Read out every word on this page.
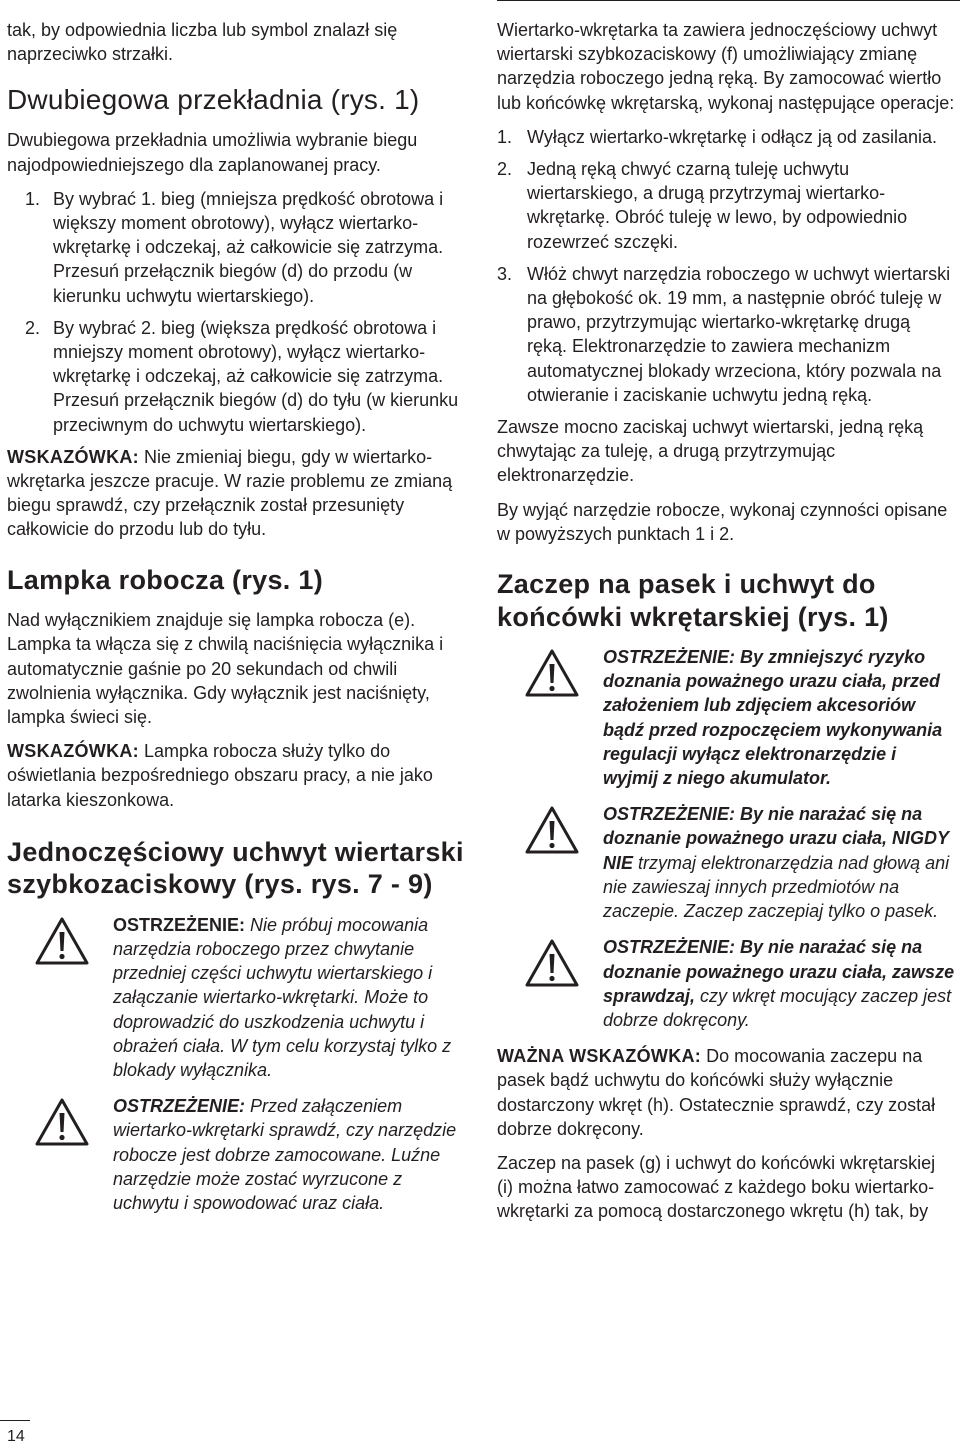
tak, by odpowiednia liczba lub symbol znalazł się naprzeciwko strzałki.

Dwubiegowa przekładnia (rys. 1)

Dwubiegowa przekładnia umożliwia wybranie biegu najodpowiedniejszego dla zaplanowanej pracy.

1. By wybrać 1. bieg (mniejsza prędkość obrotowa i większy moment obrotowy), wyłącz wiertarko-wkrętarkę i odczekaj, aż całkowicie się zatrzyma. Przesuń przełącznik biegów (d) do przodu (w kierunku uchwytu wiertarskiego).
2. By wybrać 2. bieg (większa prędkość obrotowa i mniejszy moment obrotowy), wyłącz wiertarko-wkrętarkę i odczekaj, aż całkowicie się zatrzyma. Przesuń przełącznik biegów (d) do tyłu (w kierunku przeciwnym do uchwytu wiertarskiego).

WSKAZÓWKA: Nie zmieniaj biegu, gdy w wiertarko-wkrętarka jeszcze pracuje. W razie problemu ze zmianą biegu sprawdź, czy przełącznik został przesunięty całkowicie do przodu lub do tyłu.

Lampka robocza (rys. 1)

Nad wyłącznikiem znajduje się lampka robocza (e). Lampka ta włącza się z chwilą naciśnięcia wyłącznika i automatycznie gaśnie po 20 sekundach od chwili zwolnienia wyłącznika. Gdy wyłącznik jest naciśnięty, lampka świeci się.

WSKAZÓWKA: Lampka robocza służy tylko do oświetlania bezpośredniego obszaru pracy, a nie jako latarka kieszonkowa.

Jednoczęściowy uchwyt wiertarski szybkozaciskowy (rys. rys. 7 - 9)
OSTRZEŻENIE: Nie próbuj mocowania narzędzia roboczego przez chwytanie przedniej części uchwytu wiertarskiego i załączanie wiertarko-wkrętarki. Może to doprowadzić do uszkodzenia uchwytu i obrażeń ciała. W tym celu korzystaj tylko z blokady wyłącznika.
OSTRZEŻENIE: Przed załączeniem wiertarko-wkrętarki sprawdź, czy narzędzie robocze jest dobrze zamocowane. Luźne narzędzie może zostać wyrzucone z uchwytu i spowodować uraz ciała.

Wiertarko-wkrętarka ta zawiera jednoczęściowy uchwyt wiertarski szybkozaciskowy (f) umożliwiający zmianę narzędzia roboczego jedną ręką. By zamocować wiertło lub końcówkę wkrętarską, wykonaj następujące operacje:

1. Wyłącz wiertarko-wkrętarkę i odłącz ją od zasilania.
2. Jedną ręką chwyć czarną tuleję uchwytu wiertarskiego, a drugą przytrzymaj wiertarko-wkrętarkę. Obróć tuleję w lewo, by odpowiednio rozewrzeć szczęki.
3. Włóż chwyt narzędzia roboczego w uchwyt wiertarski na głębokość ok. 19 mm, a następnie obróć tuleję w prawo, przytrzymując wiertarko-wkrętarkę drugą ręką. Elektronarzędzie to zawiera mechanizm automatycznej blokady wrzeciona, który pozwala na otwieranie i zaciskanie uchwytu jedną ręką.

Zawsze mocno zaciskaj uchwyt wiertarski, jedną ręką chwytając za tuleję, a drugą przytrzymując elektronarzędzie.

By wyjąć narzędzie robocze, wykonaj czynności opisane w powyższych punktach 1 i 2.

Zaczep na pasek i uchwyt do końcówki wkrętarskiej (rys. 1)
OSTRZEŻENIE: By zmniejszyć ryzyko doznania poważnego urazu ciała, przed założeniem lub zdjęciem akcesoriów bądź przed rozpoczęciem wykonywania regulacji wyłącz elektronarzędzie i wyjmij z niego akumulator.
OSTRZEŻENIE: By nie narażać się na doznanie poważnego urazu ciała, NIGDY NIE trzymaj elektronarzędzia nad głową ani nie zawieszaj innych przedmiotów na zaczepie. Zaczep zaczepiaj tylko o pasek.
OSTRZEŻENIE: By nie narażać się na doznanie poważnego urazu ciała, zawsze sprawdzaj, czy wkręt mocujący zaczep jest dobrze dokręcony.

WAŻNA WSKAZÓWKA: Do mocowania zaczepu na pasek bądź uchwytu do końcówki służy wyłącznie dostarczony wkręt (h). Ostatecznie sprawdź, czy został dobrze dokręcony.

Zaczep na pasek (g) i uchwyt do końcówki wkrętarskiej (i) można łatwo zamocować z każdego boku wiertarko-wkrętarki za pomocą dostarczonego wkrętu (h) tak, by

14
